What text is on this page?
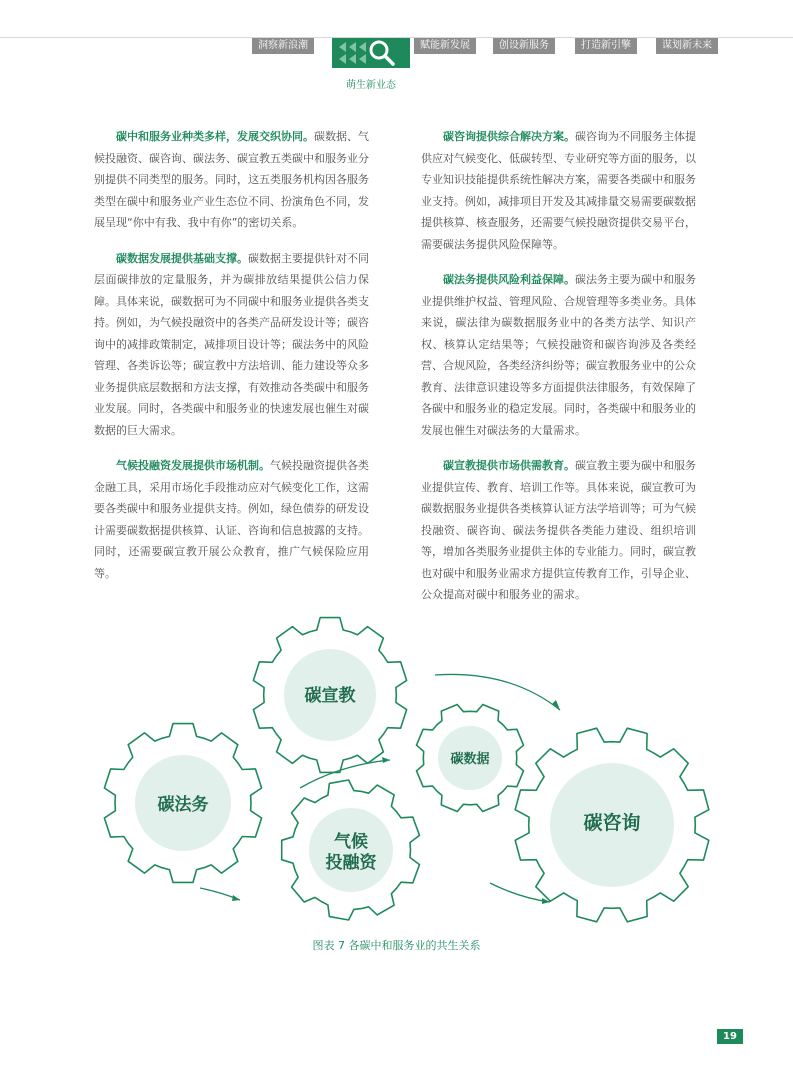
洞察新浪潮	赋能新发展	创设新服务	打造新引擎	谋划新未来
萌生新业态

碳中和服务业种类多样，发展交织协同。碳数据、气候投融资、碳咨询、碳法务、碳宣教五类碳中和服务业分别提供不同类型的服务。同时，这五类服务机构因各服务类型在碳中和服务业产业生态位不同、扮演角色不同，发展呈现“你中有我、我中有你”的密切关系。

碳数据发展提供基础支撑。碳数据主要提供针对不同层面碳排放的定量服务，并为碳排放结果提供公信力保障。具体来说，碳数据可为不同碳中和服务业提供各类支持。例如，为气候投融资中的各类产品研发设计等；碳咨询中的减排政策制定，减排项目设计等；碳法务中的风险管理、各类诉讼等；碳宣教中方法培训、能力建设等众多业务提供底层数据和方法支撑，有效推动各类碳中和服务业发展。同时，各类碳中和服务业的快速发展也催生对碳数据的巨大需求。

气候投融资发展提供市场机制。气候投融资提供各类金融工具，采用市场化手段推动应对气候变化工作，这需要各类碳中和服务业提供支持。例如，绿色债券的研发设计需要碳数据提供核算、认证、咨询和信息披露的支持。同时，还需要碳宣教开展公众教育，推广气候保险应用等。

碳咨询提供综合解决方案。碳咨询为不同服务主体提供应对气候变化、低碳转型、专业研究等方面的服务，以专业知识技能提供系统性解决方案，需要各类碳中和服务业支持。例如，减排项目开发及其减排量交易需要碳数据提供核算、核查服务，还需要气候投融资提供交易平台，需要碳法务提供风险保障等。

碳法务提供风险利益保障。碳法务主要为碳中和服务业提供维护权益、管理风险、合规管理等多类业务。具体来说，碳法律为碳数据服务业中的各类方法学、知识产权、核算认定结果等；气候投融资和碳咨询涉及各类经营、合规风险，各类经济纠纷等；碳宣教服务业中的公众教育、法律意识建设等多方面提供法律服务，有效保障了各碳中和服务业的稳定发展。同时，各类碳中和服务业的发展也催生对碳法务的大量需求。

碳宣教提供市场供需教育。碳宣教主要为碳中和服务业提供宣传、教育、培训工作等。具体来说，碳宣教可为碳数据服务业提供各类核算认证方法学培训等；可为气候投融资、碳咨询、碳法务提供各类能力建设、组织培训等，增加各类服务业提供主体的专业能力。同时，碳宣教也对碳中和服务业需求方提供宣传教育工作，引导企业、公众提高对碳中和服务业的需求。

碳宣教
碳法务
气候
投融资
碳数据
碳咨询
图表 7 各碳中和服务业的共生关系
19
